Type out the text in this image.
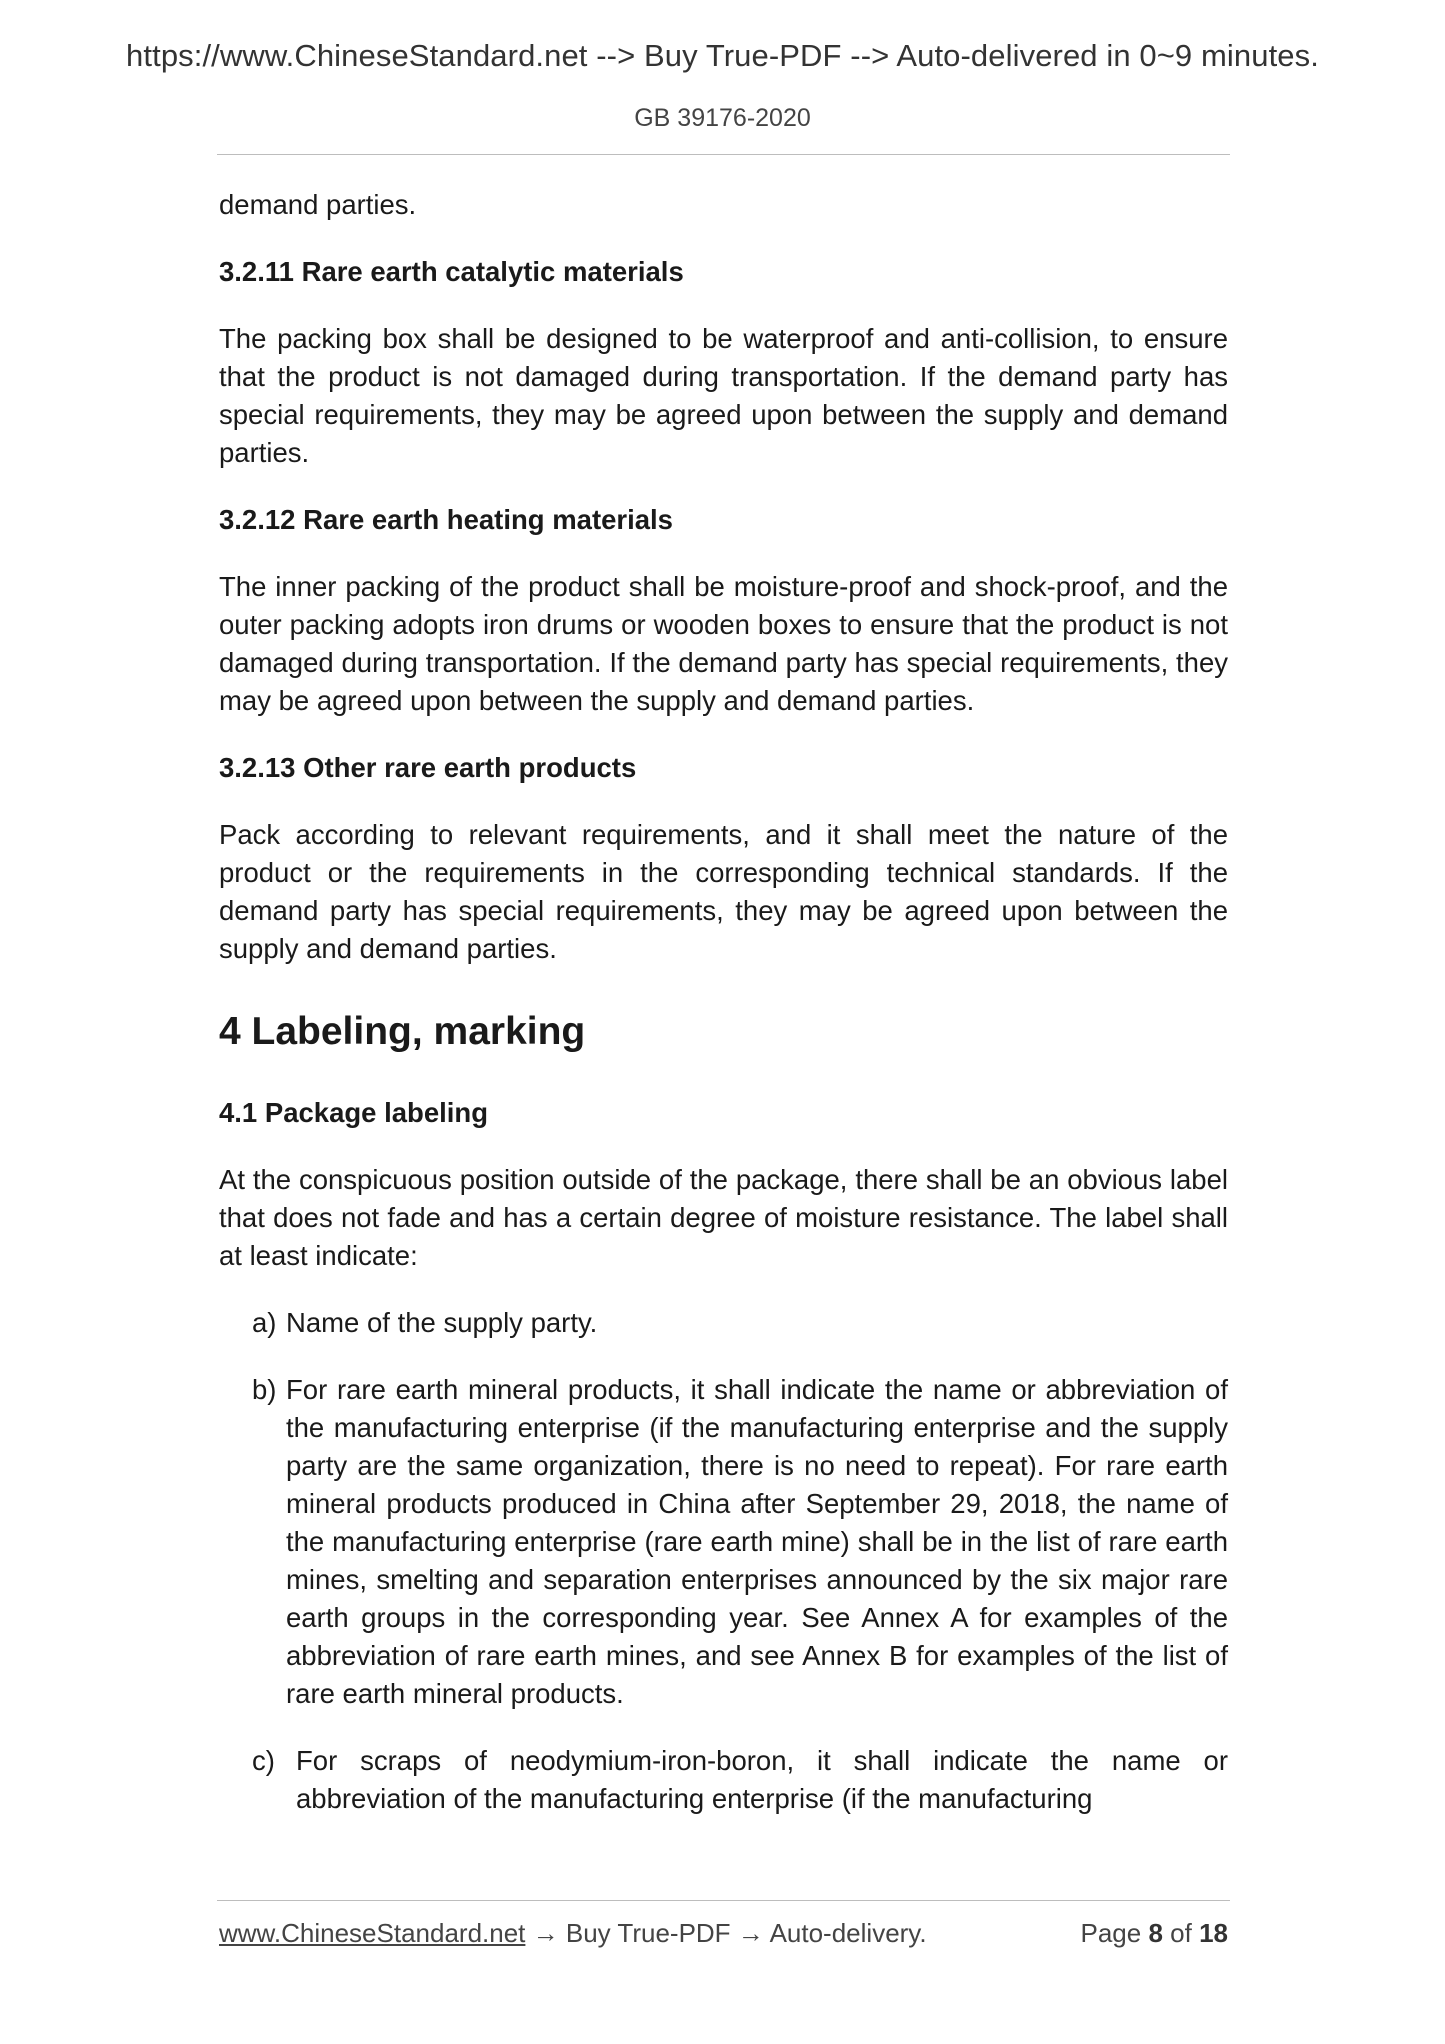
https://www.ChineseStandard.net --> Buy True-PDF --> Auto-delivered in 0~9 minutes.
GB 39176-2020

demand parties.

3.2.11 Rare earth catalytic materials

The packing box shall be designed to be waterproof and anti-collision, to ensure that the product is not damaged during transportation. If the demand party has special requirements, they may be agreed upon between the supply and demand parties.

3.2.12 Rare earth heating materials

The inner packing of the product shall be moisture-proof and shock-proof, and the outer packing adopts iron drums or wooden boxes to ensure that the product is not damaged during transportation. If the demand party has special requirements, they may be agreed upon between the supply and demand parties.

3.2.13 Other rare earth products

Pack according to relevant requirements, and it shall meet the nature of the product or the requirements in the corresponding technical standards. If the demand party has special requirements, they may be agreed upon between the supply and demand parties.

4 Labeling, marking

4.1 Package labeling

At the conspicuous position outside of the package, there shall be an obvious label that does not fade and has a certain degree of moisture resistance. The label shall at least indicate:

a) Name of the supply party.
b) For rare earth mineral products, it shall indicate the name or abbreviation of the manufacturing enterprise (if the manufacturing enterprise and the supply party are the same organization, there is no need to repeat). For rare earth mineral products produced in China after September 29, 2018, the name of the manufacturing enterprise (rare earth mine) shall be in the list of rare earth mines, smelting and separation enterprises announced by the six major rare earth groups in the corresponding year. See Annex A for examples of the abbreviation of rare earth mines, and see Annex B for examples of the list of rare earth mineral products.
c) For scraps of neodymium-iron-boron, it shall indicate the name or abbreviation of the manufacturing enterprise (if the manufacturing
www.ChineseStandard.net → Buy True-PDF → Auto-delivery.	Page 8 of 18
